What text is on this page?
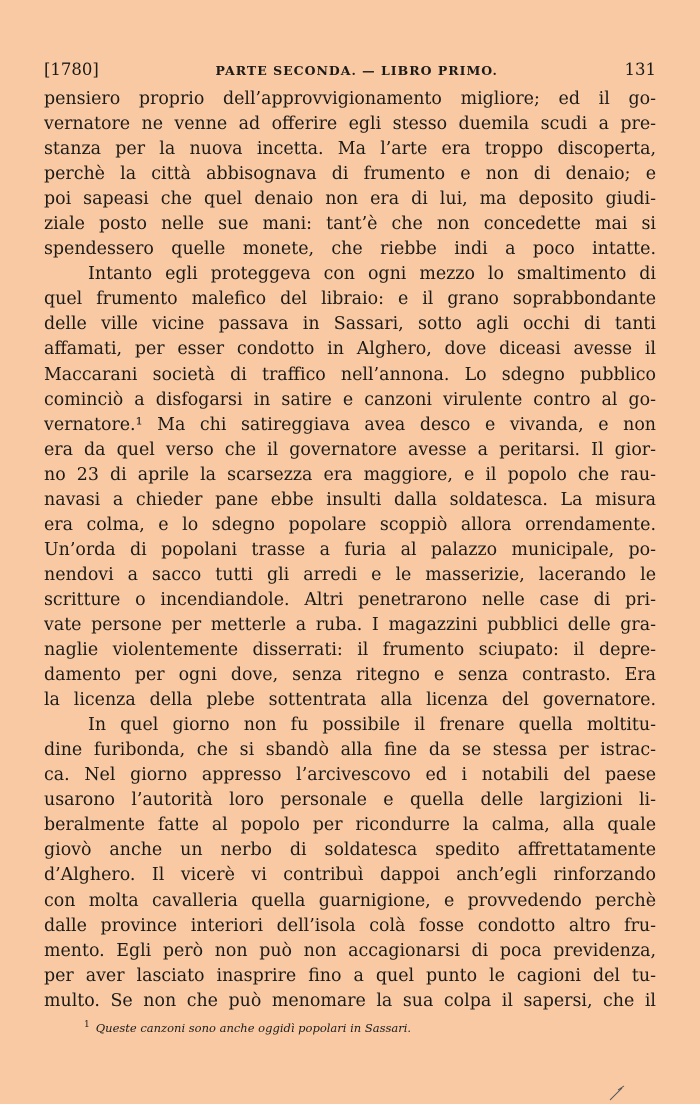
[1780]	PARTE SECONDA. — LIBRO PRIMO.	131
pensiero proprio dell’approvvigionamento migliore; ed il go-
vernatore ne venne ad offerire egli stesso duemila scudi a pre-
stanza per la nuova incetta. Ma l’arte era troppo discoperta,
perchè la città abbisognava di frumento e non di denaio; e
poi sapeasi che quel denaio non era di lui, ma deposito giudi-
ziale posto nelle sue mani: tant’è che non concedette mai si
spendessero quelle monete, che riebbe indi a poco intatte.
Intanto egli proteggeva con ogni mezzo lo smaltimento di
quel frumento malefico del libraio: e il grano soprabbondante
delle ville vicine passava in Sassari, sotto agli occhi di tanti
affamati, per esser condotto in Alghero, dove diceasi avesse il
Maccarani società di traffico nell’annona. Lo sdegno pubblico
cominciò a disfogarsi in satire e canzoni virulente contro al go-
vernatore.¹ Ma chi satireggiava avea desco e vivanda, e non
era da quel verso che il governatore avesse a peritarsi. Il gior-
no 23 di aprile la scarsezza era maggiore, e il popolo che rau-
navasi a chieder pane ebbe insulti dalla soldatesca. La misura
era colma, e lo sdegno popolare scoppiò allora orrendamente.
Un’orda di popolani trasse a furia al palazzo municipale, po-
nendovi a sacco tutti gli arredi e le masserizie, lacerando le
scritture o incendiandole. Altri penetrarono nelle case di pri-
vate persone per metterle a ruba. I magazzini pubblici delle gra-
naglie violentemente disserrati: il frumento sciupato: il depre-
damento per ogni dove, senza ritegno e senza contrasto. Era
la licenza della plebe sottentrata alla licenza del governatore.
In quel giorno non fu possibile il frenare quella moltitu-
dine furibonda, che si sbandò alla fine da se stessa per istrac-
ca. Nel giorno appresso l’arcivescovo ed i notabili del paese
usarono l’autorità loro personale e quella delle largizioni li-
beralmente fatte al popolo per ricondurre la calma, alla quale
giovò anche un nerbo di soldatesca spedito affrettatamente
d’Alghero. Il vicerè vi contribuì dappoi anch’egli rinforzando
con molta cavalleria quella guarnigione, e provvedendo perchè
dalle province interiori dell’isola colà fosse condotto altro fru-
mento. Egli però non può non accagionarsi di poca previdenza,
per aver lasciato inasprire fino a quel punto le cagioni del tu-
multo. Se non che può menomare la sua colpa il sapersi, che il
$^1$ Queste canzoni sono anche oggidì popolari in Sassari.
